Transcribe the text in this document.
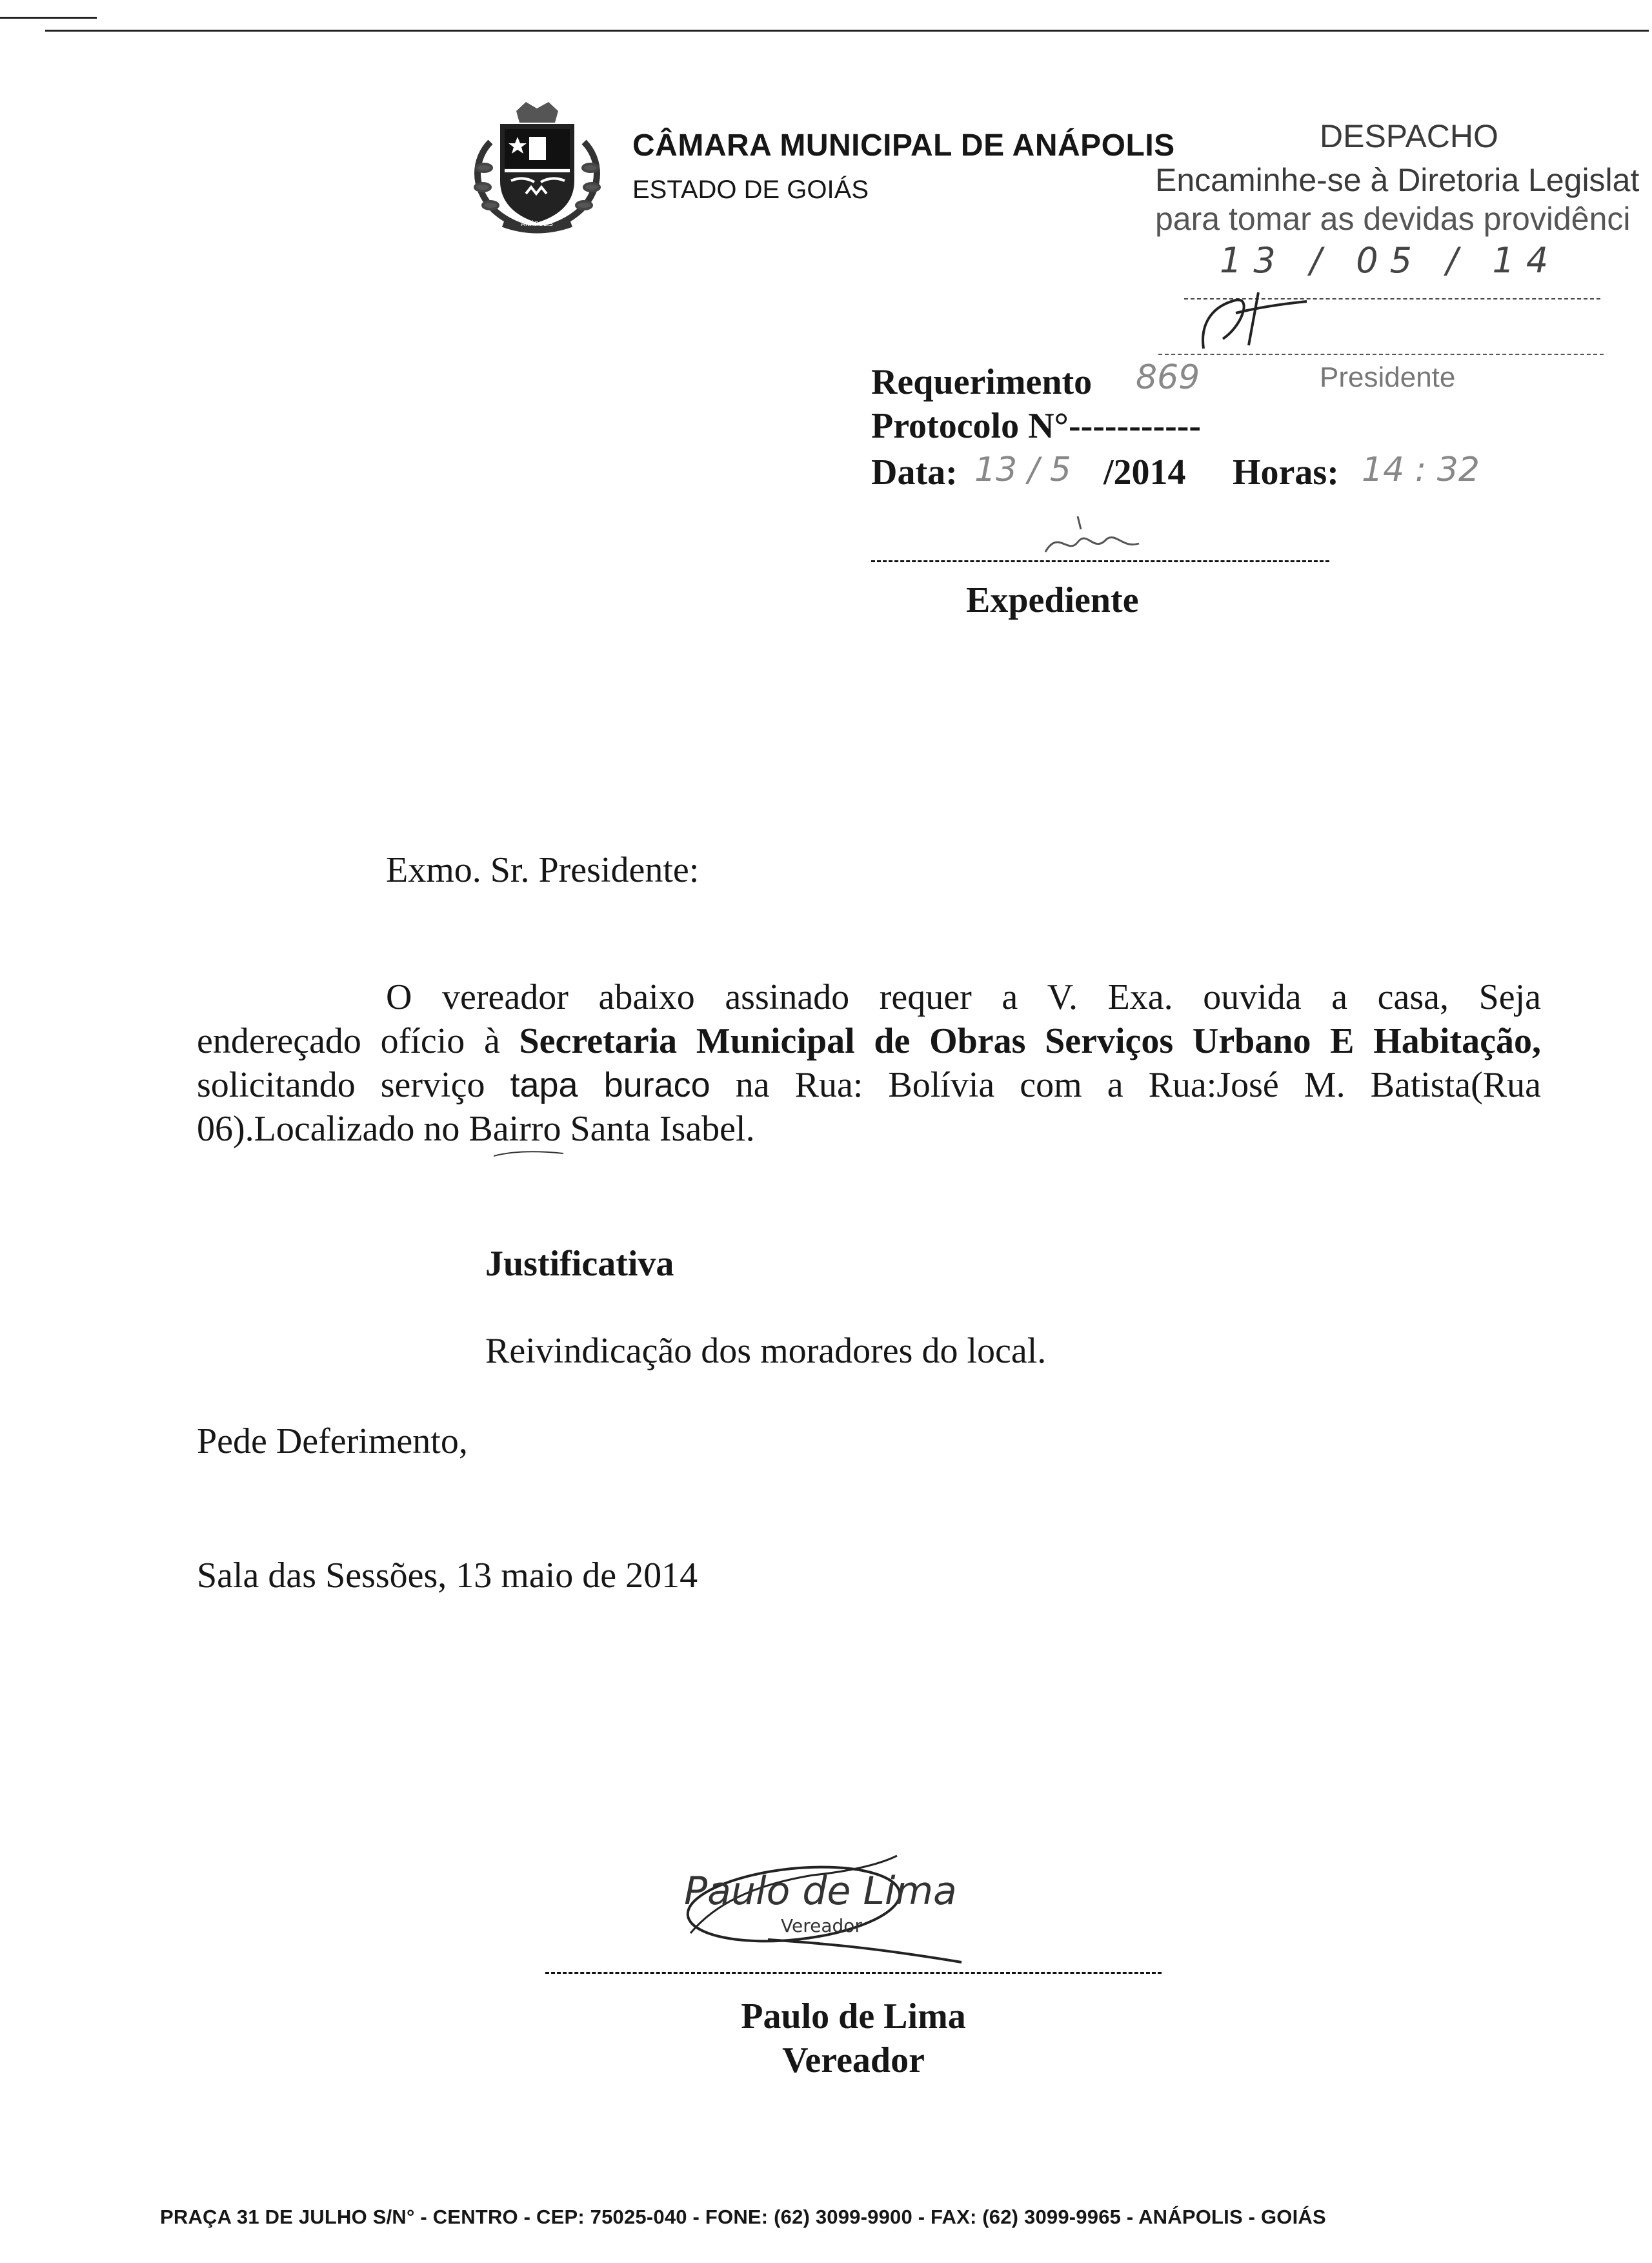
ANÁPOLIS
CÂMARA MUNICIPAL DE ANÁPOLIS
ESTADO DE GOIÁS
DESPACHO
Encaminhe-se à Diretoria Legislat
para tomar as devidas providênci
13 / 05 / 14
Presidente
Requerimento 869
Protocolo N°-----------
Data: 13 / 5 /2014 Horas: 14 : 32
Expediente
Exmo. Sr. Presidente:
O vereador abaixo assinado requer a V. Exa. ouvida a casa, Seja
endereçado ofício à Secretaria Municipal de Obras Serviços Urbano E Habitação,
solicitando serviço tapa buraco na Rua: Bolívia com a Rua:José M. Batista(Rua
06).Localizado no Bairro Santa Isabel.
Justificativa
Reivindicação dos moradores do local.
Pede Deferimento,
Sala das Sessões, 13 maio de 2014
Paulo de Lima
Vereador
Paulo de Lima
Vereador
PRAÇA 31 DE JULHO S/N° - CENTRO - CEP: 75025-040 - FONE: (62) 3099-9900 - FAX: (62) 3099-9965 - ANÁPOLIS - GOIÁS
